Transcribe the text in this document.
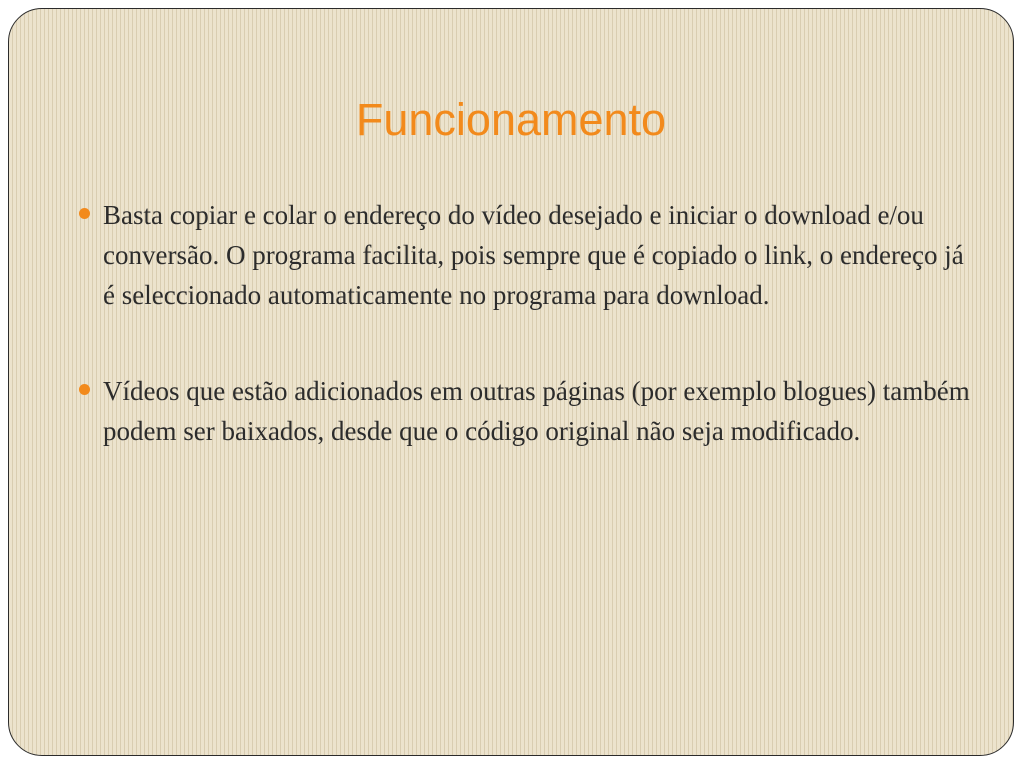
Funcionamento
Basta copiar e colar o endereço do vídeo desejado e iniciar o download e/ou conversão. O programa facilita, pois sempre que é copiado o link, o endereço já é seleccionado automaticamente no programa para download.
Vídeos que estão adicionados em outras páginas (por exemplo blogues) também podem ser baixados, desde que o código original não seja modificado.
